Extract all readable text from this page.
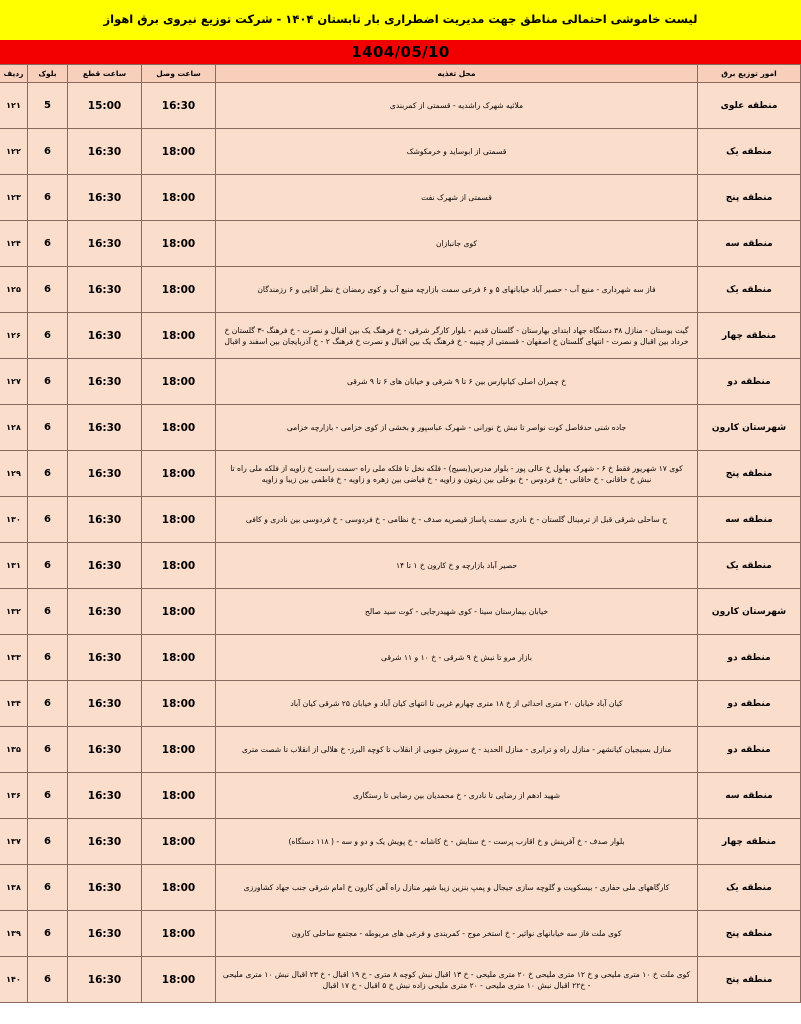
لیست خاموشی احتمالی مناطق جهت مدیریت اضطراری بار تابستان ۱۴۰۴ - شرکت توزیع نیروی برق اهواز
1404/05/10
امور توزیع برق	محل تغذیه	ساعت وصل	ساعت قطع	بلوک	ردیف
منطقه علوی	ملاثیه شهرک راشدیه - قسمتی از کمربندی	16:30	15:00	5	۱۲۱
منطقه یک	قسمتی از ابوساید و خرمکوشک	18:00	16:30	6	۱۲۲
منطقه پنج	قسمتی از شهرک نفت	18:00	16:30	6	۱۲۳
منطقه سه	کوی جانبازان	18:00	16:30	6	۱۲۴
منطقه یک	فاز سه شهرداری - منبع آب - حصیر آباد خیابانهای ۵ و ۶ فرعی سمت بازارچه منبع آب و کوی رمضان خ نظر آقایی و ۶ رزمندگان	18:00	16:30	6	۱۲۵
منطقه چهار	گیت بوستان - منازل ۳۸ دستگاه جهاد ابتدای بهارستان - گلستان قدیم - بلوار کارگر شرقی - خ فرهنگ یک بین اقبال و نصرت - خ فرهنگ -۳ گلستان خ خرداد بین اقبال و نصرت - انتهای گلستان خ اصفهان - قسمتی از چنیبه - خ فرهنگ یک بین اقبال و نصرت خ فرهنگ ۲ - خ آذربایجان بین اسفند و اقبال	18:00	16:30	6	۱۲۶
منطقه دو	خ چمران اصلی کیانپارس بین ۶ تا ۹ شرقی و خیابان های ۶ تا ۹ شرقی	18:00	16:30	6	۱۲۷
شهرستان کارون	جاده شنی حدفاصل کوت نواصر تا نبش خ نورانی - شهرک عباسپور و بخشی از کوی خزامی - بازارچه خزامی	18:00	16:30	6	۱۲۸
منطقه پنج	کوی ۱۷ شهریور فقط خ ۶ - شهرک بهلول خ عالی پور - بلوار مدرس(بسیج) - فلکه نخل تا فلکه ملی راه -سمت راست خ زاویه از فلکه ملی راه تا نبش خ خاقانی - خ خاقانی - خ فردوس - خ بوعلی بین زیتون و زاویه - خ فیاضی بین زهره و زاویه - خ فاطمی بین زیبا و زاویه	18:00	16:30	6	۱۲۹
منطقه سه	ح ساحلی شرقی قبل از ترمینال گلستان - خ نادری سمت پاساژ قیصریه صدف - خ نظامی - خ فردوسی - خ فردوسی بین نادری و کافی	18:00	16:30	6	۱۳۰
منطقه یک	حصیر آباد بازارچه و خ کارون خ ۱ تا ۱۴	18:00	16:30	6	۱۳۱
شهرستان کارون	خیابان بیمارستان سینا - کوی شهیدرجایی - کوت سید صالح	18:00	16:30	6	۱۳۲
منطقه دو	بازار مرو تا نبش خ ۹ شرقی - خ ۱۰ و ۱۱ شرقی	18:00	16:30	6	۱۳۳
منطقه دو	کیان آباد خیابان ۲۰ متری احداثی از خ ۱۸ متری چهارم غربی تا انتهای کیان آباد و خیابان ۲۵ شرقی کیان آباد	18:00	16:30	6	۱۳۴
منطقه دو	منازل بسیجیان کیانشهر - منازل راه و ترابری - منازل الحدید - خ سروش جنوبی از انقلاب تا کوچه البرز- خ هلالی از انقلاب تا شصت متری	18:00	16:30	6	۱۳۵
منطقه سه	شهید ادهم از رضایی تا نادری - خ محمدیان بین رضایی تا رستگاری	18:00	16:30	6	۱۳۶
منطقه چهار	بلوار صدف - خ آفرینش و خ اقارب پرست - خ ستایش - خ کاشانه - خ پویش یک و دو و سه - ( ۱۱۸ دستگاه)	18:00	16:30	6	۱۳۷
منطقه یک	کارگاههای ملی حفاری - بیسکویت و گلوچه سازی جیجال و پمپ بنزین زیبا شهر منازل راه آهن کارون خ امام شرقی جنب جهاد کشاورزی	18:00	16:30	6	۱۳۸
منطقه پنج	کوی ملت فاز سه خیابانهای نواثیر - خ استخر موج - کمربندی و فرعی های مربوطه - مجتمع ساحلی کارون	18:00	16:30	6	۱۳۹
منطقه پنج	کوی ملت خ ۱۰ متری ملیحی و خ ۱۲ متری ملیحی خ ۲۰ متری ملیحی - خ ۱۳ اقبال نبش کوچه ۸ متری - خ ۱۹ اقبال - خ ۲۳ اقبال نبش ۱۰ متری ملیحی - خ۲۲ اقبال نبش ۱۰ متری ملیحی - ۲۰ متری ملیحی زاده نبش خ ۵ اقبال - خ ۱۷ اقبال	18:00	16:30	6	۱۴۰
